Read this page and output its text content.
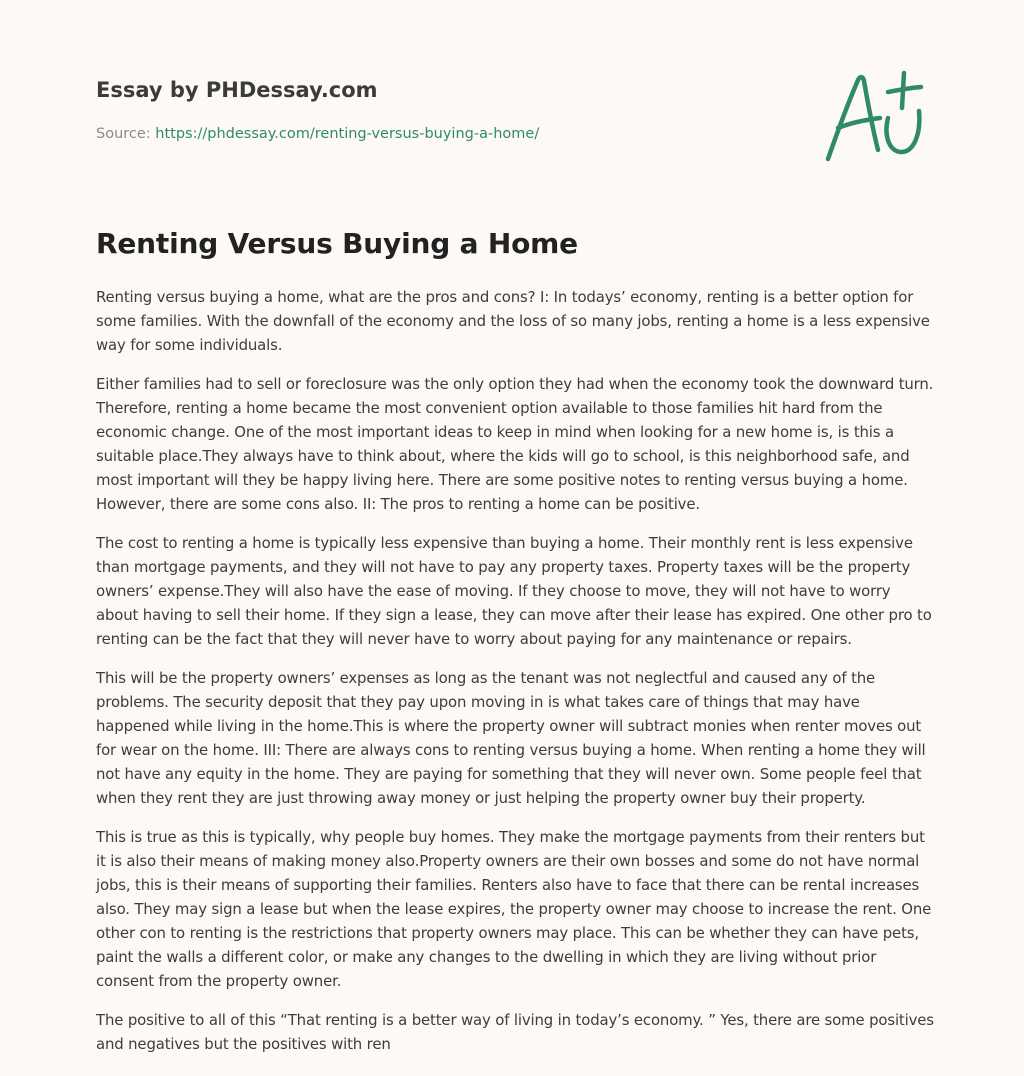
Essay by PHDessay.com
Source: https://phdessay.com/renting-versus-buying-a-home/
Renting Versus Buying a Home

Renting versus buying a home, what are the pros and cons? I: In todays’ economy, renting is a better option for some families. With the downfall of the economy and the loss of so many jobs, renting a home is a less expensive way for some individuals.

Either families had to sell or foreclosure was the only option they had when the economy took the downward turn. Therefore, renting a home became the most convenient option available to those families hit hard from the economic change. One of the most important ideas to keep in mind when looking for a new home is, is this a suitable place.They always have to think about, where the kids will go to school, is this neighborhood safe, and most important will they be happy living here. There are some positive notes to renting versus buying a home. However, there are some cons also. II: The pros to renting a home can be positive.

The cost to renting a home is typically less expensive than buying a home. Their monthly rent is less expensive than mortgage payments, and they will not have to pay any property taxes. Property taxes will be the property owners’ expense.They will also have the ease of moving. If they choose to move, they will not have to worry about having to sell their home. If they sign a lease, they can move after their lease has expired. One other pro to renting can be the fact that they will never have to worry about paying for any maintenance or repairs.

This will be the property owners’ expenses as long as the tenant was not neglectful and caused any of the problems. The security deposit that they pay upon moving in is what takes care of things that may have happened while living in the home.This is where the property owner will subtract monies when renter moves out for wear on the home. III: There are always cons to renting versus buying a home. When renting a home they will not have any equity in the home. They are paying for something that they will never own. Some people feel that when they rent they are just throwing away money or just helping the property owner buy their property.

This is true as this is typically, why people buy homes. They make the mortgage payments from their renters but it is also their means of making money also.Property owners are their own bosses and some do not have normal jobs, this is their means of supporting their families. Renters also have to face that there can be rental increases also. They may sign a lease but when the lease expires, the property owner may choose to increase the rent. One other con to renting is the restrictions that property owners may place. This can be whether they can have pets, paint the walls a different color, or make any changes to the dwelling in which they are living without prior consent from the property owner.

The positive to all of this “That renting is a better way of living in today’s economy. ” Yes, there are some positives and negatives but the positives with ren
